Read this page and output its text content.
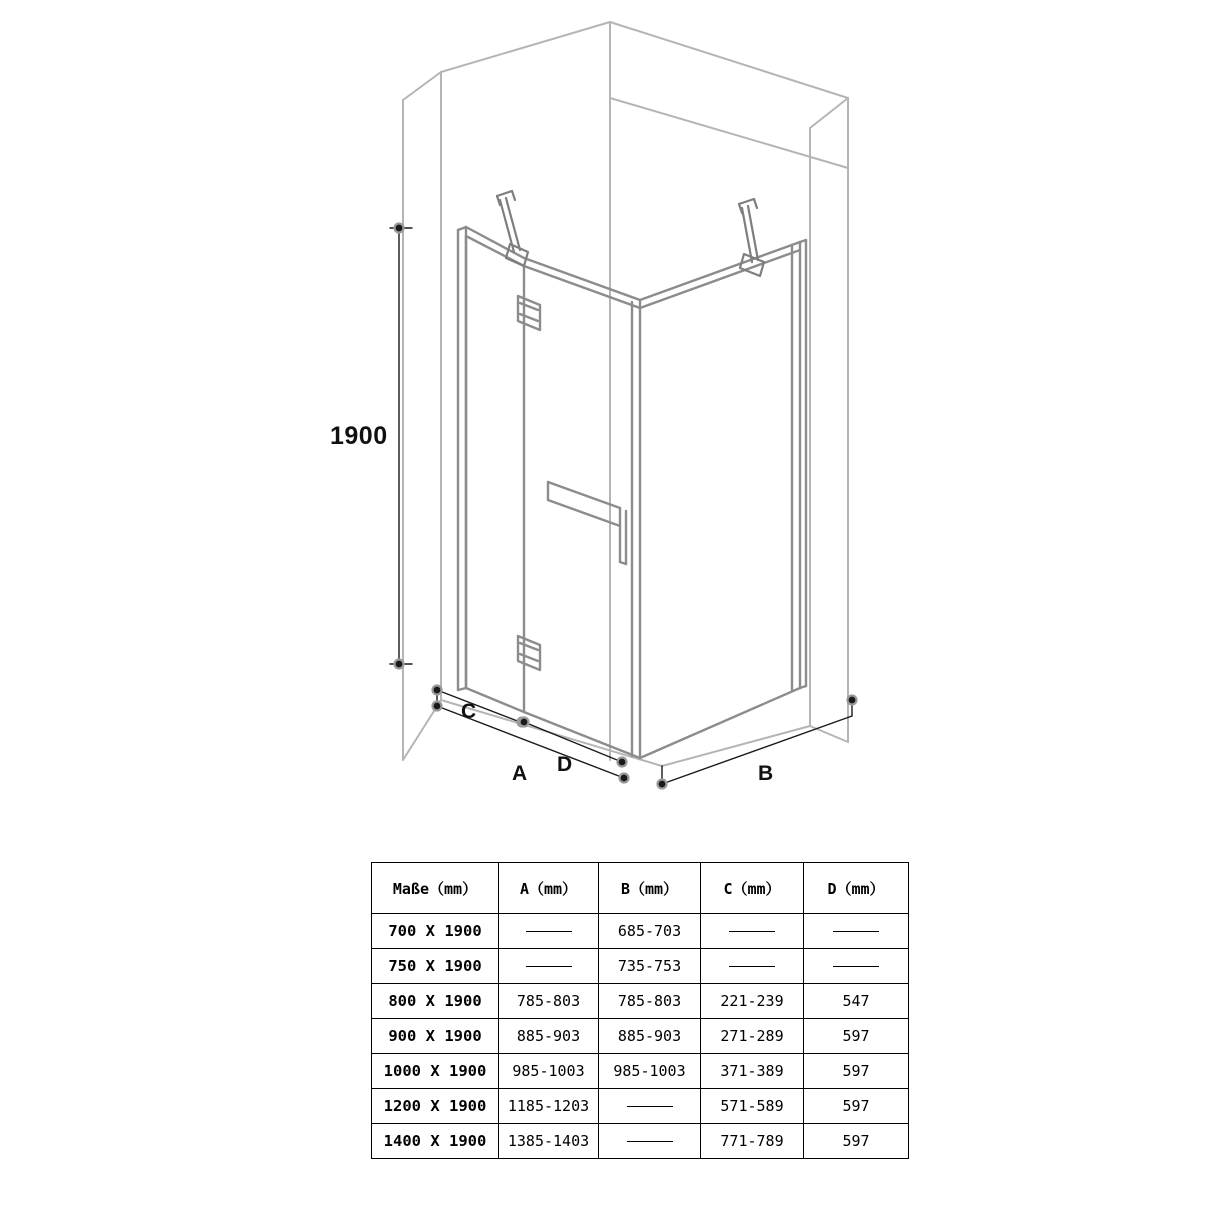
1900
A	B
C
D
Maße（mm）	A（mm）	B（mm）	C（mm）	D（mm）
700 X 1900		685-703		
750 X 1900		735-753		
800 X 1900	785-803	785-803	221-239	547
900 X 1900	885-903	885-903	271-289	597
1000 X 1900	985-1003	985-1003	371-389	597
1200 X 1900	1185-1203		571-589	597
1400 X 1900	1385-1403		771-789	597
